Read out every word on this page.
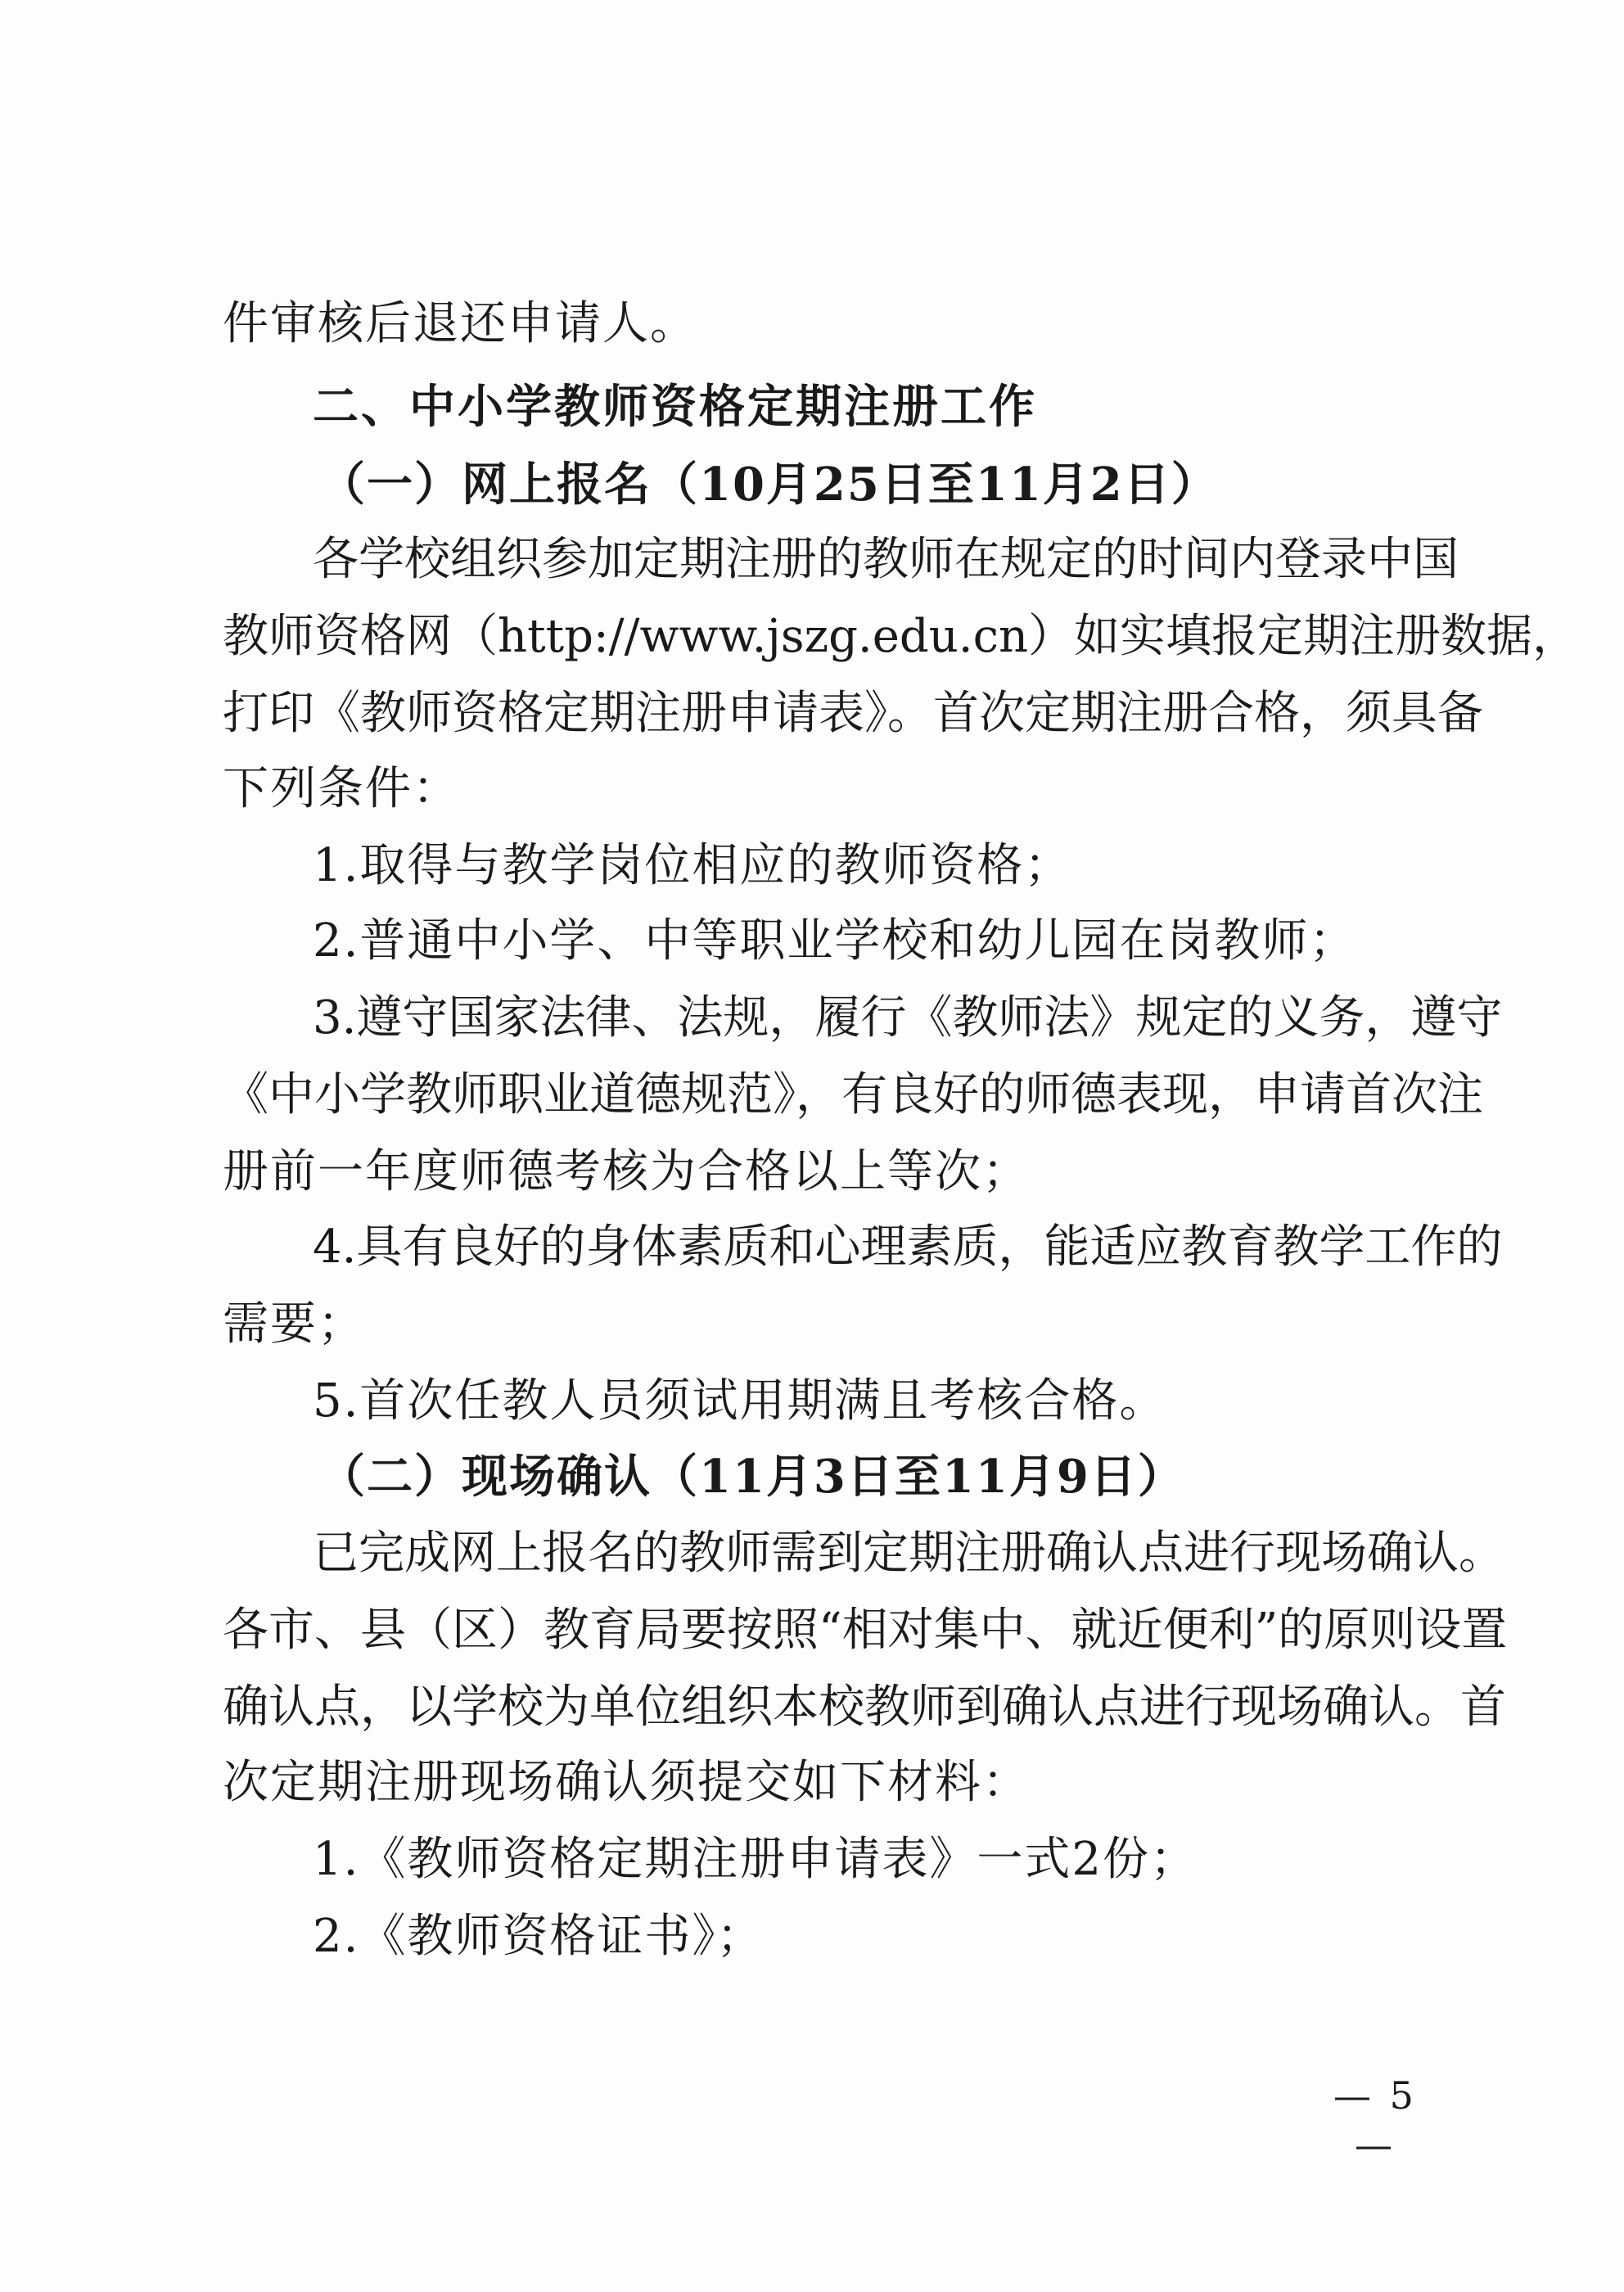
件审核后退还申请人。
二、中小学教师资格定期注册工作
（一）网上报名（10月25日至11月2日）
各学校组织参加定期注册的教师在规定的时间内登录中国
教师资格网（http://www.jszg.edu.cn）如实填报定期注册数据，
打印《教师资格定期注册申请表》。首次定期注册合格，须具备
下列条件：
1.取得与教学岗位相应的教师资格；
2.普通中小学、中等职业学校和幼儿园在岗教师；
3.遵守国家法律、法规，履行《教师法》规定的义务，遵守
《中小学教师职业道德规范》，有良好的师德表现，申请首次注
册前一年度师德考核为合格以上等次；
4.具有良好的身体素质和心理素质，能适应教育教学工作的
需要；
5.首次任教人员须试用期满且考核合格。
（二）现场确认（11月3日至11月9日）
已完成网上报名的教师需到定期注册确认点进行现场确认。
各市、县（区）教育局要按照“相对集中、就近便利”的原则设置
确认点，以学校为单位组织本校教师到确认点进行现场确认。首
次定期注册现场确认须提交如下材料：
1.《教师资格定期注册申请表》一式2份；
2.《教师资格证书》；
— 5 —
